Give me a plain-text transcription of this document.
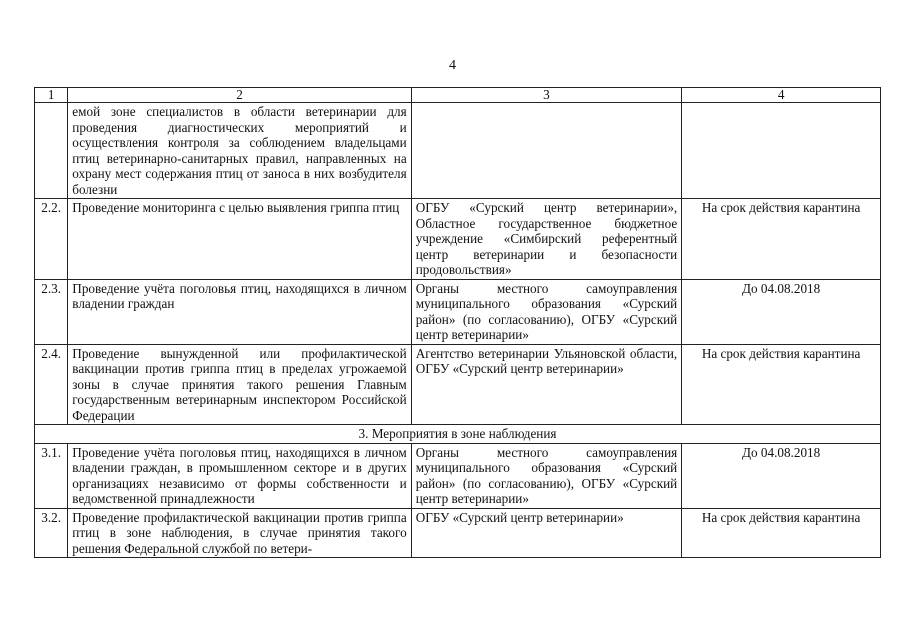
4
1	2	3	4
	емой зоне специалистов в области ветеринарии для проведения диагностических мероприятий и осуществления контроля за соблюдением владельцами птиц ветеринарно-санитарных правил, направленных на охрану мест содержания птиц от заноса в них возбудителя болезни		
2.2.	Проведение мониторинга с целью выявления гриппа птиц	ОГБУ «Сурский центр ветеринарии», Областное государственное бюджетное учреждение «Симбирский референтный центр ветеринарии и безопасности продовольствия»	На срок действия карантина
2.3.	Проведение учёта поголовья птиц, находящихся в личном владении граждан	Органы местного самоуправления муниципального образования «Сурский район» (по согласованию), ОГБУ «Сурский центр ветеринарии»	До 04.08.2018
2.4.	Проведение вынужденной или профилактической вакцинации против гриппа птиц в пределах угрожаемой зоны в случае принятия такого решения Главным государственным ветеринарным инспектором Российской Федерации	Агентство ветеринарии Ульяновской области, ОГБУ «Сурский центр ветеринарии»	На срок действия карантина
3. Мероприятия в зоне наблюдения			
3.1.	Проведение учёта поголовья птиц, находящихся в личном владении граждан, в промышленном секторе и в других организациях независимо от формы собственности и ведомственной принадлежности	Органы местного самоуправления муниципального образования «Сурский район» (по согласованию), ОГБУ «Сурский центр ветеринарии»	До 04.08.2018
3.2.	Проведение профилактической вакцинации против гриппа птиц в зоне наблюдения, в случае принятия такого решения Федеральной службой по ветери-	ОГБУ «Сурский центр ветеринарии»	На срок действия карантина
